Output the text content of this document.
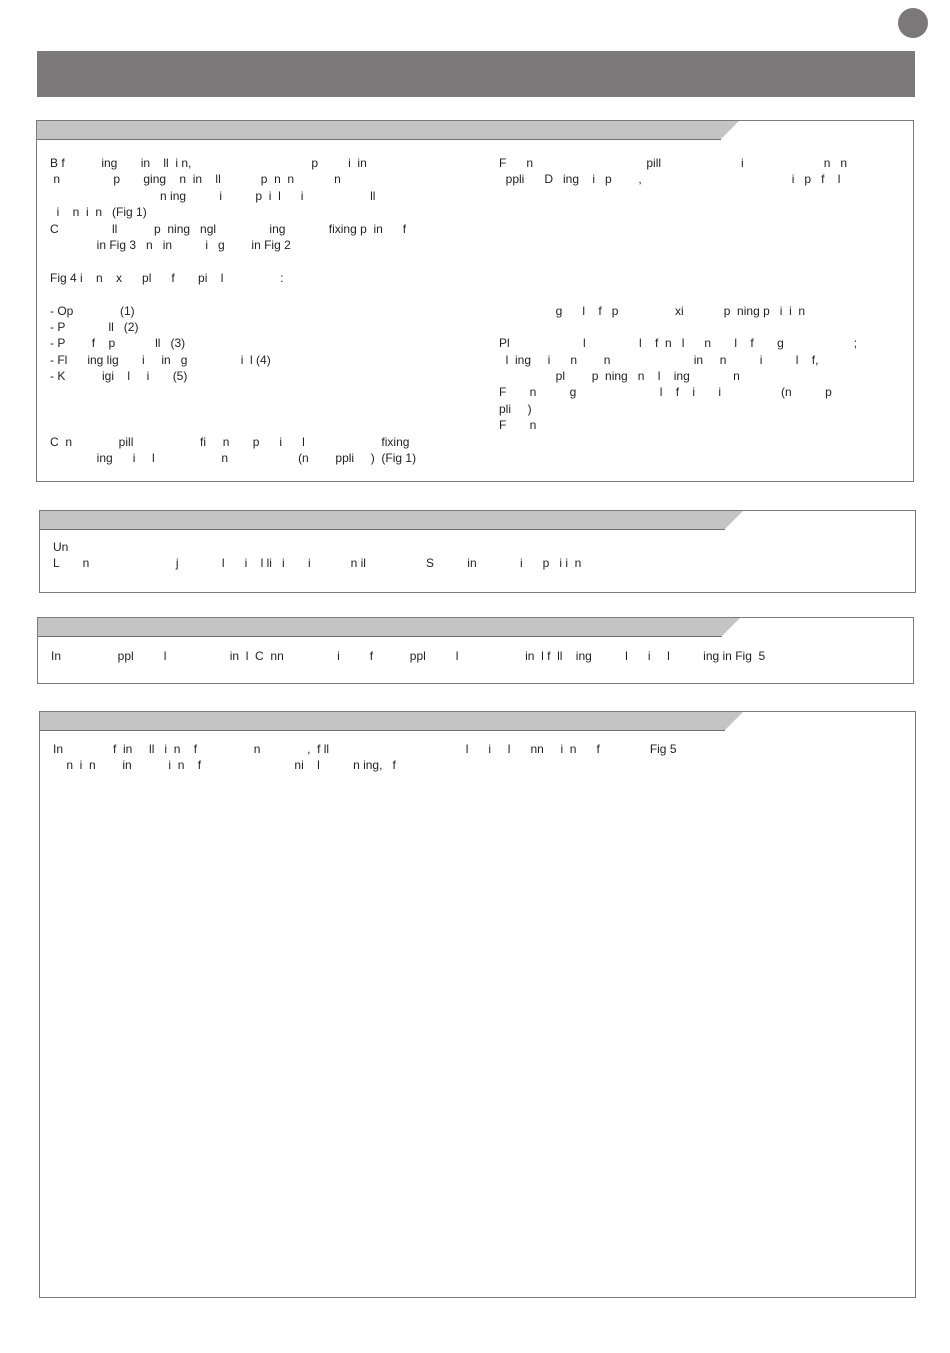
B f           ing       in    ll  i n,                                    p         i  in
n                p       ging    n  in    ll            p  n  n            n
n ing          i          p  i  l      i                    ll
i    n  i  n   (Fig 1)
C                ll           p  ning   ngl                ing             fixing p  in      f
in Fig 3   n   in          i   g        in Fig 2
Fig 4 i    n    x      pl      f       pi    l                 :
- Op              (1)
- P             ll   (2)
- P        f    p            ll   (3)
- Fl      ing lig       i     in   g                i  l (4)
- K           igi    l     i       (5)
C  n              pill                    fi     n       p      i      l                       fixing
ing      i     l                    n                     (n        ppli     )  (Fig 1)
F      n                                  pill                        i                        n   n
ppli      D   ing    i   p        ,                                             i   p   f    l
g      l    f   p                 xi            p  ning p   i  i  n
Pl                      l                l    f  n   l      n       l    f       g                     ;
l  ing     i      n        n                         in     n          i          l    f,
pl        p  ning   n    l    ing             n
F       n          g                         l    f    i       i                  (n          p
pli     )
F       n
Un
L       n                          j             l      i    l li   i       i            n il                  S          in             i      p   i i  n
In                 ppl         l                   in  l  C  nn                i         f           ppl         l                    in  l f  ll    ing          l      i     l          ing in Fig  5
In               f  in     ll   i  n    f                 n              ,  f ll                                         l      i     l      nn     i  n      f               Fig 5
n  i  n        in           i  n    f                            ni    l          n ing,   f
